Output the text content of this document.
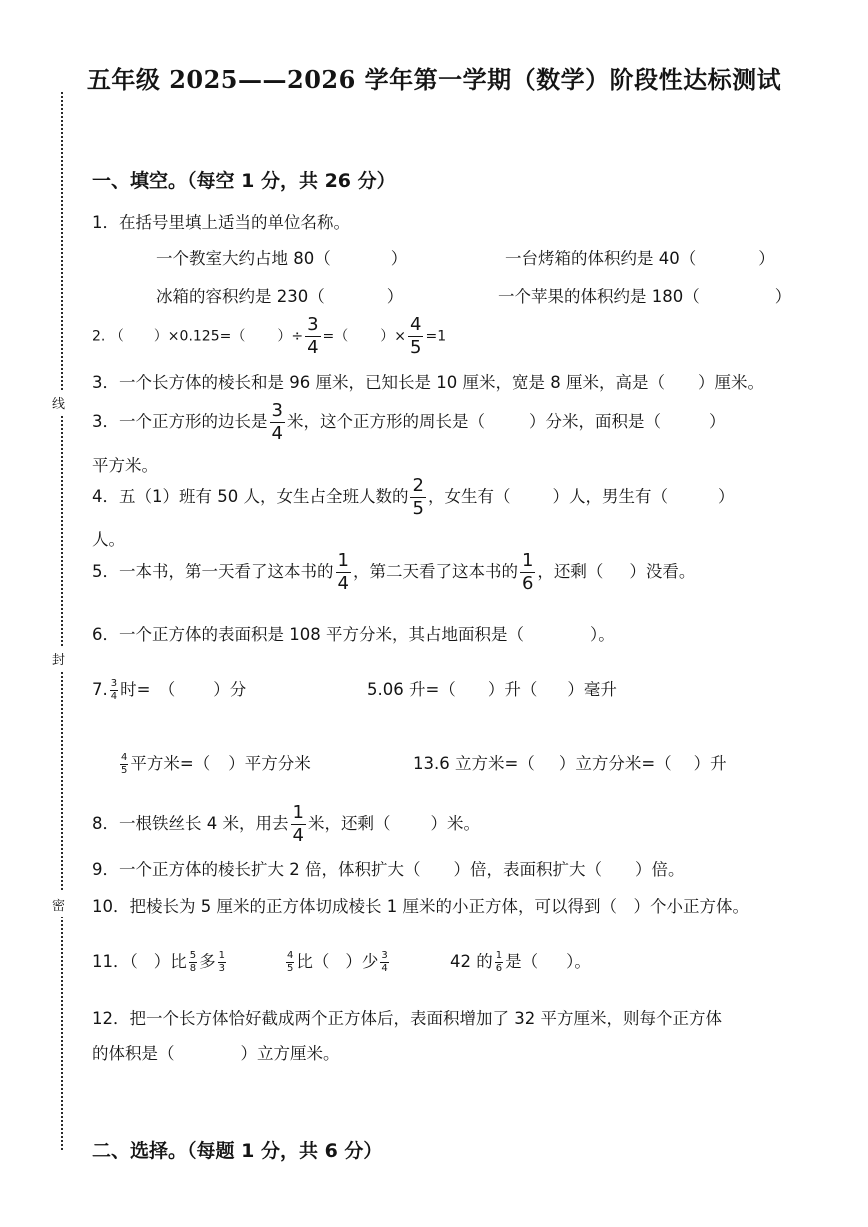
线
封
密
五年级 2025——2026 学年第一学期（数学）阶段性达标测试
一、填空。（每空 1 分，共 26 分）
1．在括号里填上适当的单位名称。
一个教室大约占地 80（	）	一台烤箱的体积约是 40（	）
冰箱的容积约是 230（	）	一个苹果的体积约是 180（	）
2. （ ）×0.125=（ ）÷ $\frac{3}{4}$ =（ ）× $\frac{4}{5} =1$
3．一个长方体的棱长和是 96 厘米，已知长是 10 厘米，宽是 8 厘米，高是（　　）厘米。
3．一个正方形的边长是 $\frac{3}{4}$ 米，这个正方形的周长是（	）分米，面积是（	）
平方米。
4．五（1）班有 50 人，女生占全班人数的 $\frac{2}{5}$ ，女生有（	）人，男生有（	）
人。
5．一本书，第一天看了这本书的 $\frac{1}{4}$ ，第二天看了这本书的 $\frac{1}{6}$ ，还剩（ ）没看。
6．一个正方体的表面积是 108 平方分米，其占地面积是（　　　　）。
7. $\frac{3}{4}$ 时=　（ ）分	5.06 升=（ ）升（ ）毫升
$\frac{4}{5}$ 平方米=（ ）平方分米	13.6 立方米=（ ）立方分米=（ ）升
8．一根铁丝长 4 米，用去 $\frac{1}{4}$ 米，还剩（ ）米。
9．一个正方体的棱长扩大 2 倍，体积扩大（　　）倍，表面积扩大（　　）倍。
10．把棱长为 5 厘米的正方体切成棱长 1 厘米的小正方体，可以得到（　）个小正方体。
11．（ ）比 $\frac{5}{8}$ 多 $\frac{1}{3}$	$\frac{4}{5}$ 比（ ）少 $\frac{3}{4}$	42 的 $\frac{1}{6}$ 是（ ）。
12．把一个长方体恰好截成两个正方体后，表面积增加了 32 平方厘米，则每个正方体
的体积是（　　　　）立方厘米。
二、选择。（每题 1 分，共 6 分）
